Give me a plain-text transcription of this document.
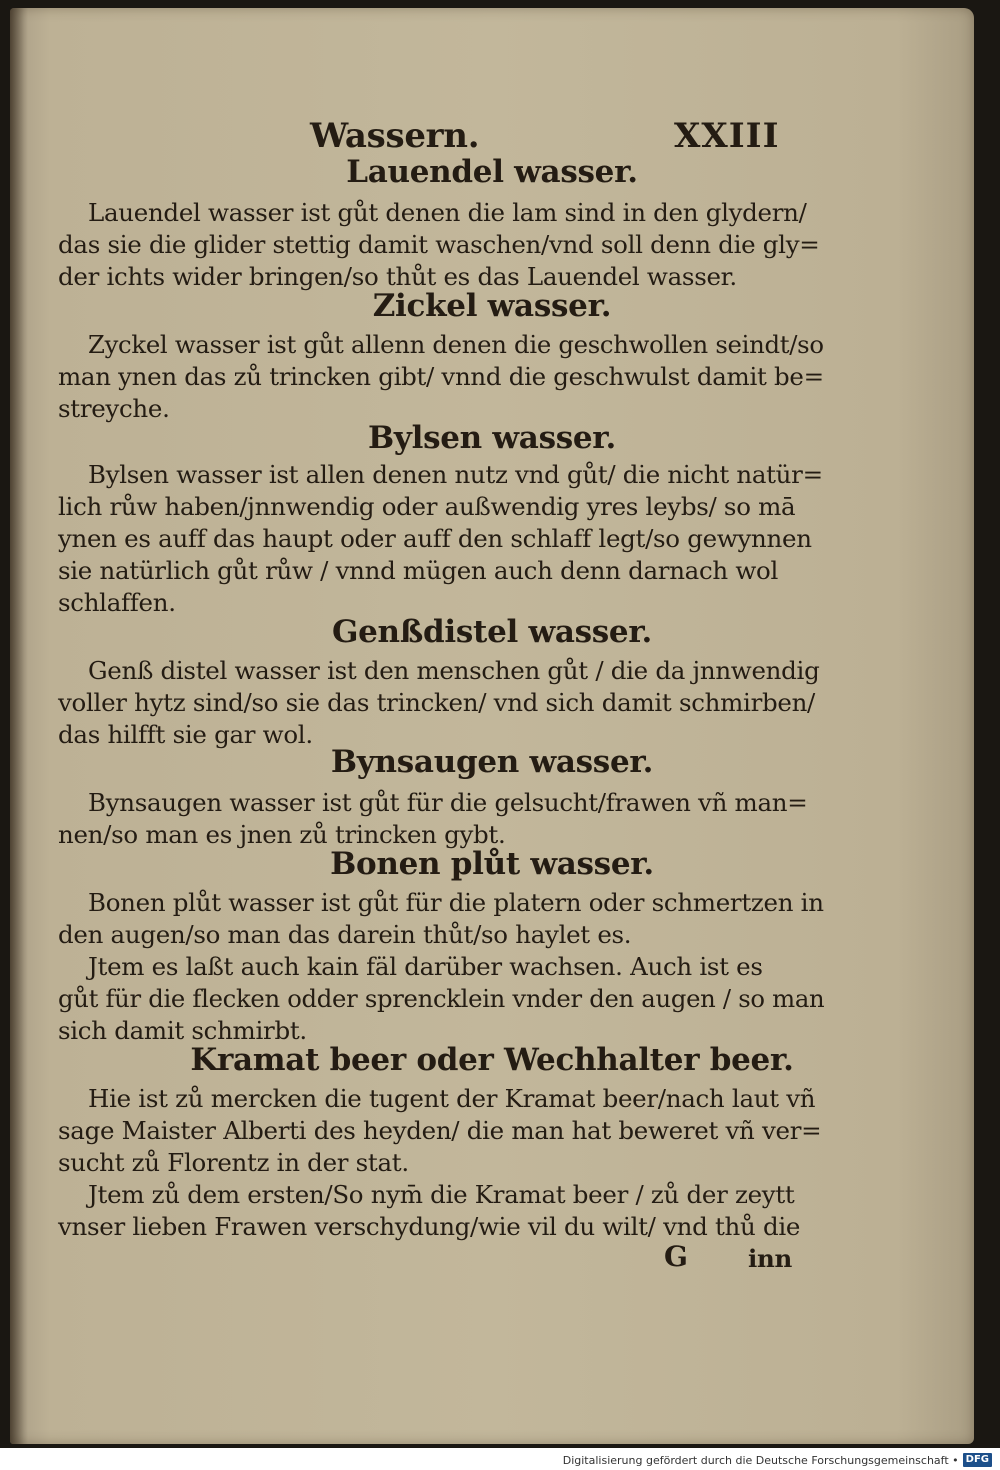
Wassern.	XXIII
Lauendel wasser.
Lauendel wasser ist gůt denen die lam sind in den glydern/
das sie die glider stettig damit waschen/vnd soll denn die gly=
der ichts wider bringen/so thůt es das Lauendel wasser.
Zickel wasser.
Zyckel wasser ist gůt allenn denen die geschwollen seindt/so
man ynen das zů trincken gibt/ vnnd die geschwulst damit be=
streyche.
Bylsen wasser.
Bylsen wasser ist allen denen nutz vnd gůt/ die nicht natür=
lich růw haben/jnnwendig oder außwendig yres leybs/ so mā
ynen es auff das haupt oder auff den schlaff legt/so gewynnen
sie natürlich gůt růw / vnnd mügen auch denn darnach wol
schlaffen.
Genßdistel wasser.
Genß distel wasser ist den menschen gůt / die da jnnwendig
voller hytz sind/so sie das trincken/ vnd sich damit schmirben/
das hilfft sie gar wol.
Bynsaugen wasser.
Bynsaugen wasser ist gůt für die gelsucht/frawen vñ man=
nen/so man es jnen zů trincken gybt.
Bonen plůt wasser.
Bonen plůt wasser ist gůt für die platern oder schmertzen in
den augen/so man das darein thůt/so haylet es.
Jtem es laßt auch kain fäl darüber wachsen. Auch ist es
gůt für die flecken odder sprencklein vnder den augen / so man
sich damit schmirbt.
Kramat beer oder Wechhalter beer.
Hie ist zů mercken die tugent der Kramat beer/nach laut vñ
sage Maister Alberti des heyden/ die man hat beweret vñ ver=
sucht zů Florentz in der stat.
Jtem zů dem ersten/So nym̄ die Kramat beer / zů der zeytt
vnser lieben Frawen verschydung/wie vil du wilt/ vnd thů die
G inn
Digitalisierung gefördert durch die Deutsche Forschungsgemeinschaft • DFG
